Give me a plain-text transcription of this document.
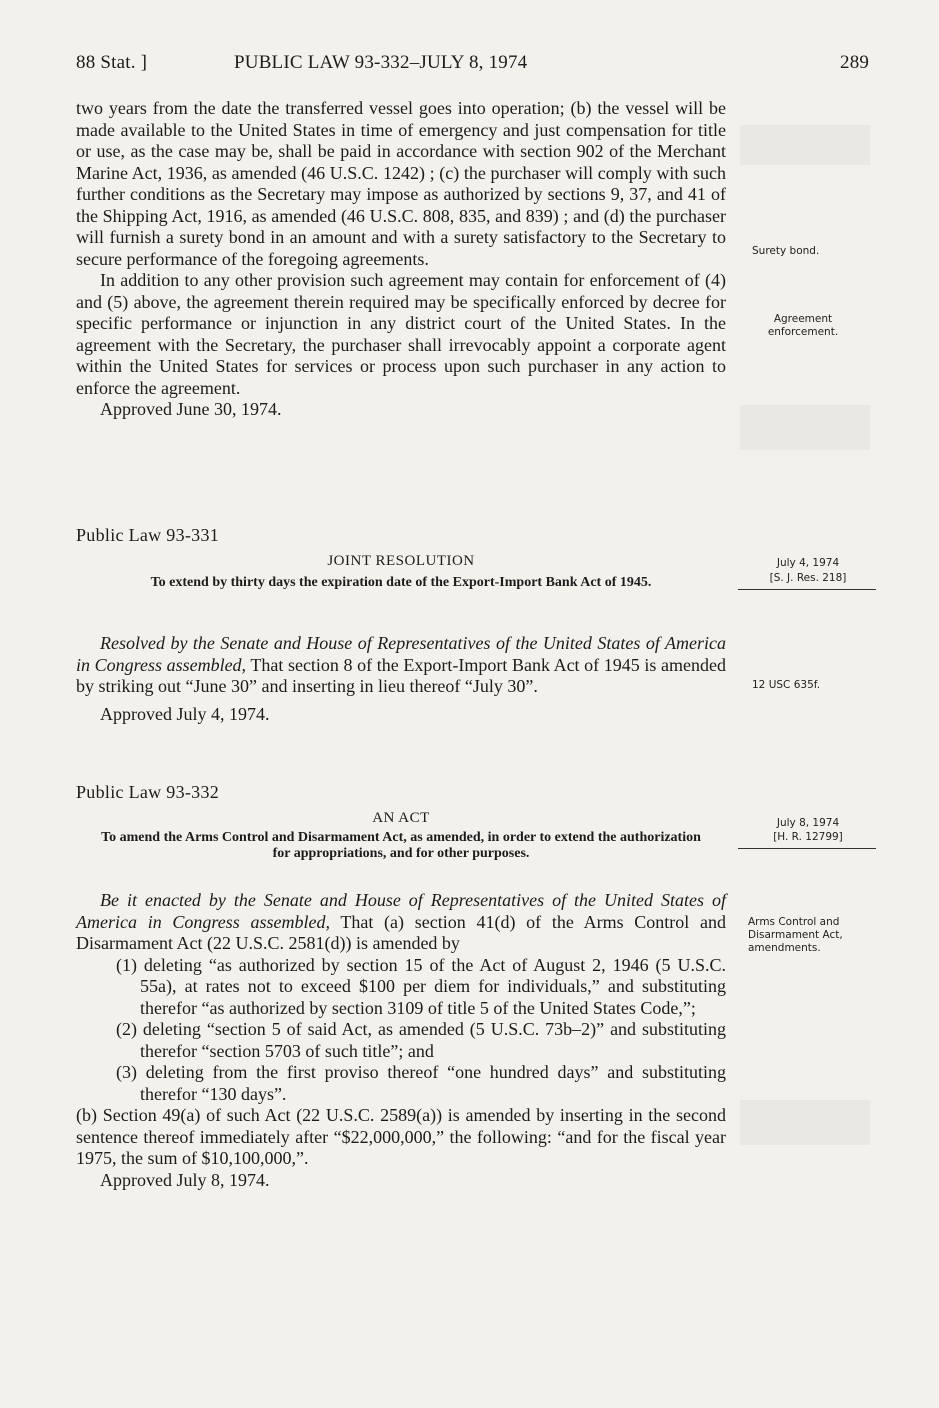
88 Stat. ]	PUBLIC LAW 93-332–JULY 8, 1974	289

two years from the date the transferred vessel goes into operation; (b) the vessel will be made available to the United States in time of emergency and just compensation for title or use, as the case may be, shall be paid in accordance with section 902 of the Merchant Marine Act, 1936, as amended (46 U.S.C. 1242) ; (c) the purchaser will comply with such further conditions as the Secretary may impose as authorized by sections 9, 37, and 41 of the Shipping Act, 1916, as amended (46 U.S.C. 808, 835, and 839) ; and (d) the purchaser will furnish a surety bond in an amount and with a surety satisfactory to the Secretary to secure performance of the foregoing agreements.

In addition to any other provision such agreement may contain for enforcement of (4) and (5) above, the agreement therein required may be specifically enforced by decree for specific performance or injunction in any district court of the United States. In the agreement with the Secretary, the purchaser shall irrevocably appoint a corporate agent within the United States for services or process upon such purchaser in any action to enforce the agreement.

Approved June 30, 1974.

Surety bond.
Agreement enforcement.
Public Law 93-331
JOINT RESOLUTION
To extend by thirty days the expiration date of the Export-Import Bank Act of 1945.
July 4, 1974
[S. J. Res. 218]

Resolved by the Senate and House of Representatives of the United States of America in Congress assembled, That section 8 of the Export-Import Bank Act of 1945 is amended by striking out “June 30” and inserting in lieu thereof “July 30”.

Approved July 4, 1974.

12 USC 635f.
Public Law 93-332
AN ACT
To amend the Arms Control and Disarmament Act, as amended, in order to extend the authorization for appropriations, and for other purposes.
July 8, 1974
[H. R. 12799]

Be it enacted by the Senate and House of Representatives of the United States of America in Congress assembled, That (a) section 41(d) of the Arms Control and Disarmament Act (22 U.S.C. 2581(d)) is amended by

(1) deleting “as authorized by section 15 of the Act of August 2, 1946 (5 U.S.C. 55a), at rates not to exceed $100 per diem for individuals,” and substituting therefor “as authorized by section 3109 of title 5 of the United States Code,”;

(2) deleting “section 5 of said Act, as amended (5 U.S.C. 73b–2)” and substituting therefor “section 5703 of such title”; and

(3) deleting from the first proviso thereof “one hundred days” and substituting therefor “130 days”.

(b) Section 49(a) of such Act (22 U.S.C. 2589(a)) is amended by inserting in the second sentence thereof immediately after “$22,000,000,” the following: “and for the fiscal year 1975, the sum of $10,100,000,”.

Approved July 8, 1974.

Arms Control and Disarmament Act, amendments.
